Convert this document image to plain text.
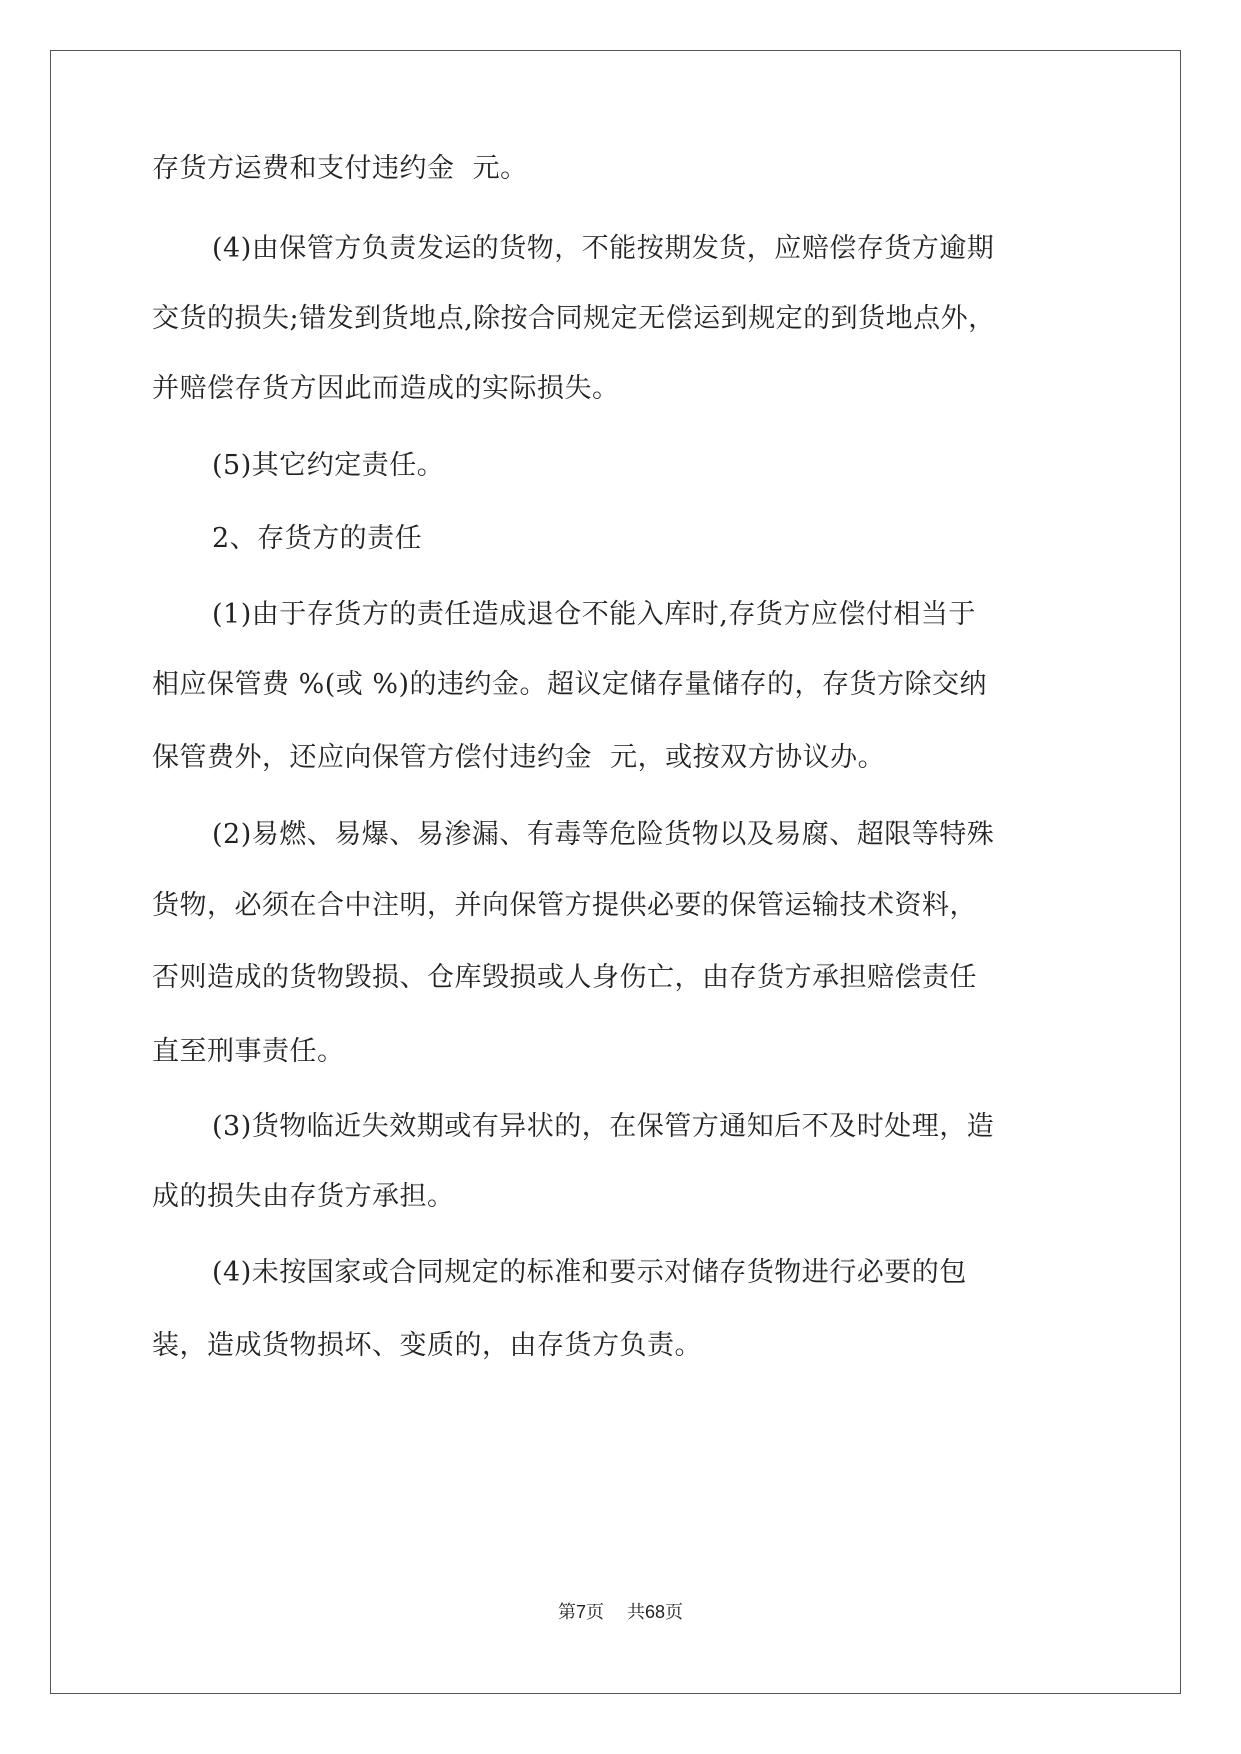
存货方运费和支付违约金  元。
(4)由保管方负责发运的货物，不能按期发货，应赔偿存货方逾期
交货的损失;错发到货地点,除按合同规定无偿运到规定的到货地点外，
并赔偿存货方因此而造成的实际损失。
(5)其它约定责任。
2、存货方的责任
(1)由于存货方的责任造成退仓不能入库时,存货方应偿付相当于
相应保管费 %(或 %)的违约金。超议定储存量储存的，存货方除交纳
保管费外，还应向保管方偿付违约金  元，或按双方协议办。
(2)易燃、易爆、易渗漏、有毒等危险货物以及易腐、超限等特殊
货物，必须在合中注明，并向保管方提供必要的保管运输技术资料，
否则造成的货物毁损、仓库毁损或人身伤亡，由存货方承担赔偿责任
直至刑事责任。
(3)货物临近失效期或有异状的，在保管方通知后不及时处理，造
成的损失由存货方承担。
(4)未按国家或合同规定的标准和要示对储存货物进行必要的包
装，造成货物损坏、变质的，由存货方负责。
第7页 共68页
